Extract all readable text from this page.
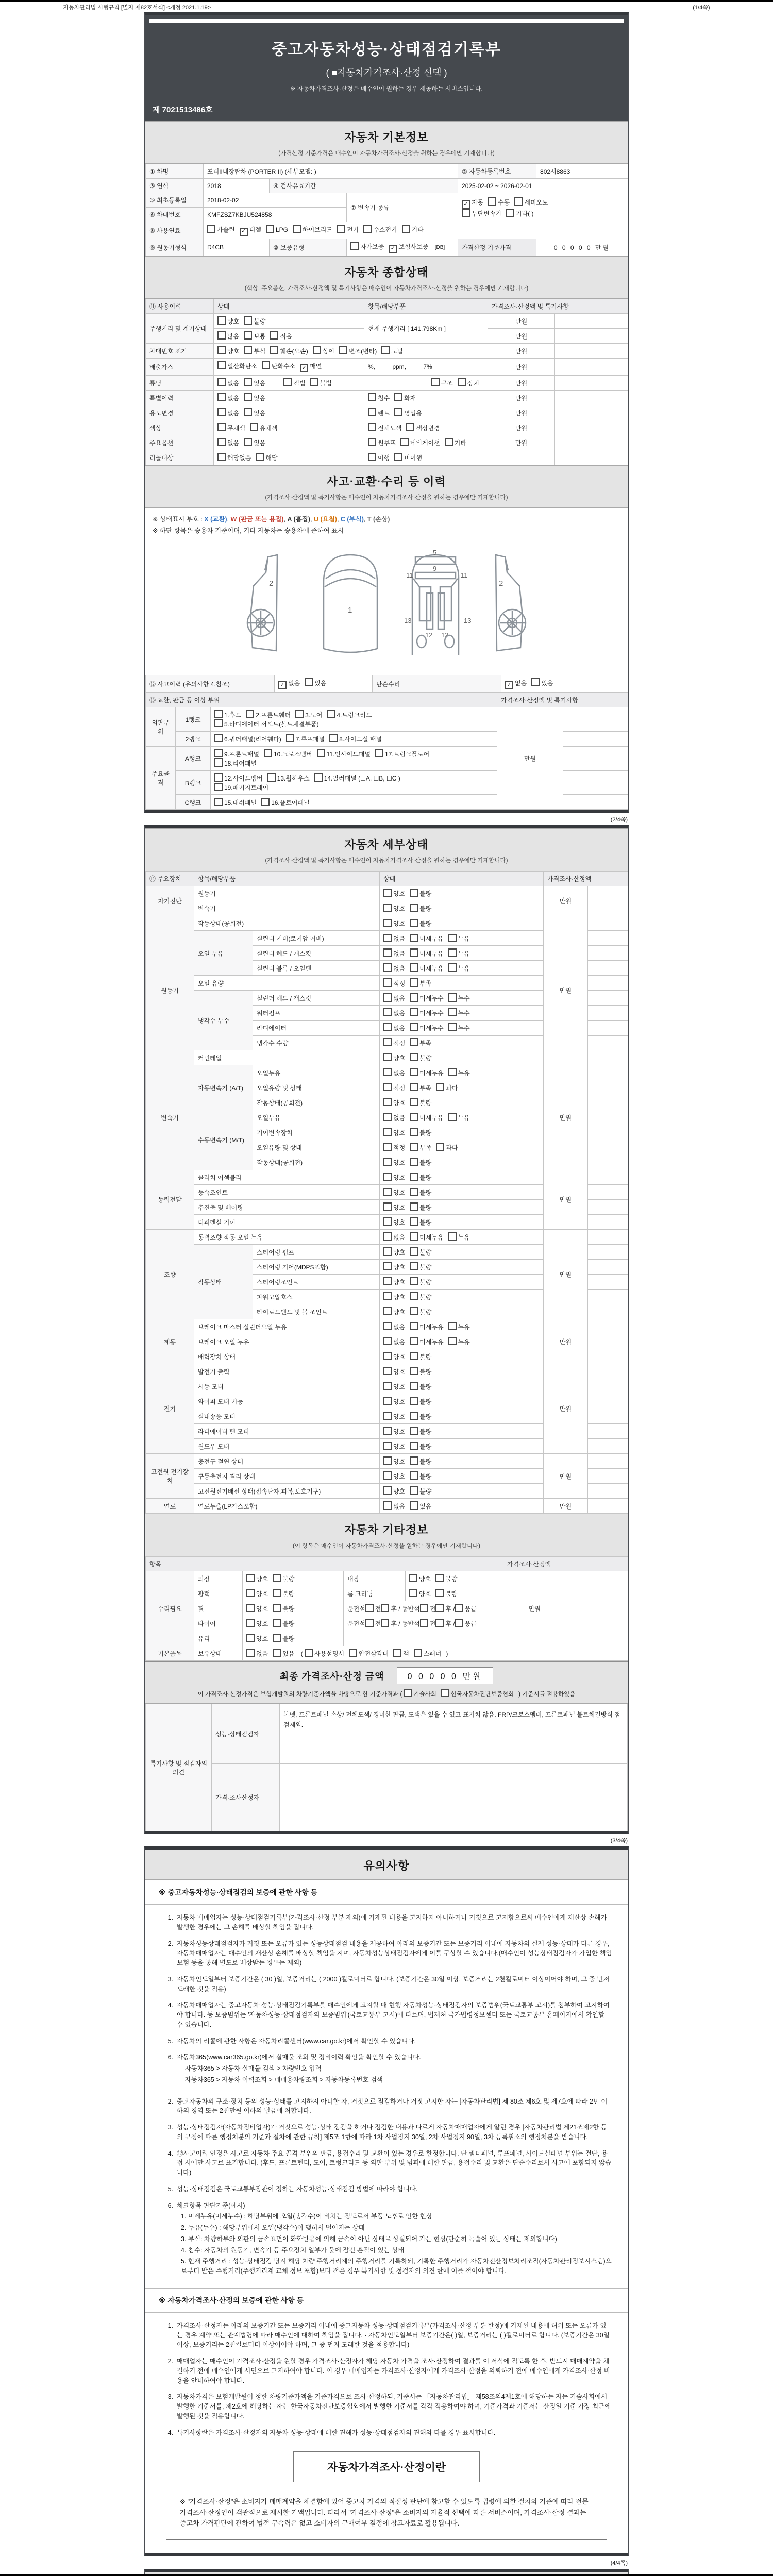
자동차관리법 시행규칙 [별지 제82호서식] <개정 2021.1.19>	(1/4쪽)
중고자동차성능·상태점검기록부
( ■자동차가격조사·산정 선택 )
※ 자동차가격조사·산정은 매수인이 원하는 경우 제공하는 서비스입니다.
제 7021513486호
자동차 기본정보
(가격산정 기준가격은 매수인이 자동차가격조사·산정을 원하는 경우에만 기재합니다)
① 차명	포터II내장탑차 (PORTER II) (세부모델: )			② 자동차등록번호	802서8863
③ 연식	2018	④ 검사유효기간		2025-02-02 ~ 2026-02-01	
⑤ 최초등록일	2018-02-02		⑦ 변속기 종류	✓ 자동 수동 세미오토
무단변속기 기타( )	
⑥ 차대번호	KMFZSZ7KBJU524858				
⑧ 사용연료	가솔린 ✓ 디젤 LPG 하이브리드 전기 수소전기 기타				
⑨ 원동기형식	D4CB	⑩ 보증유형	자가보증 ✓ 보험사보증 [DB]	가격산정 기준가격	0 0 0 0 0 만원
자동차 종합상태
(색상, 주요옵션, 가격조사·산정액 및 특기사항은 매수인이 자동차가격조사·산정을 원하는 경우에만 기재합니다)
⑪ 사용이력	상태	항목/해당부품	가격조사·산정액 및 특기사항	
주행거리 및 계기상태	양호 불량	현재 주행거리 [ 141,798Km ]	만원	
	많음 보통 적음		만원	
차대번호 표기	양호 부식 훼손(오손) 상이 변조(변타) 도말		만원	
배출가스	일산화탄소 탄화수소 ✓ 매연	%,          ppm,          7%	만원	
튜닝	없음 있음 적법 불법	구조 장치	만원	
특별이력	없음 있음	침수 화재	만원	
용도변경	없음 있음	렌트 영업용	만원	
색상	무채색 유채색	전체도색 색상변경	만원	
주요옵션	없음 있음	썬루프 네비게이션 기타	만원	
리콜대상	해당없음 해당	이행 미이행		
사고·교환·수리 등 이력
(가격조사·산정액 및 특기사항은 매수인이 자동차가격조사·산정을 원하는 경우에만 기재합니다)
※ 상태표시 부호 : X (교환), W (판금 또는 용접), A (흠집), U (요철), C (부식), T (손상)
※ 하단 항목은 승용차 기준이며, 기타 자동차는 승용차에 준하여 표시
2
1
5
9
11	11
13	13
12 12
2
⑫ 사고이력 (유의사항 4.참조)	✓ 없음 있음	단순수리	✓ 없음 있음
⑬ 교환, 판금 등 이상 부위			가격조사·산정액 및 특기사항	
외판부위	1랭크	1.후드 2.프론트휀더 3.도어 4.트렁크리드
5.라디에이터 서포트(볼트체결부품)	만원	
	2랭크	6.쿼더패널(리어휀다) 7.루프패널 8.사이드실 패널		
주요골격	A랭크	9.프론트패널 10.크로스멤버 11.인사이드패널 17.트렁크플로어
18.리어패널		
	B랭크	12.사이드멤버 13.휠하우스 14.필러패널 (☐A, ☐B, ☐C )
19.패키지트레이		
	C랭크	15.대쉬패널 16.플로어패널		
(2/4쪽)
자동차 세부상태
(가격조사·산정액 및 특기사항은 매수인이 자동차가격조사·산정을 원하는 경우에만 기재합니다)
⑭ 주요장치	항목/해당부품		상태	가격조사·산정액	
자기진단	원동기		양호 불량	만원	
	변속기		양호 불량		
원동기	작동상태(공회전)		양호 불량	만원	
	오일 누유	실린더 커버(로커암 커버)	없음 미세누유 누유		
		실린더 헤드 / 개스킷	없음 미세누유 누유		
		실린더 블록 / 오일팬	없음 미세누유 누유		
	오일 유량		적정 부족		
	냉각수 누수	실린더 헤드 / 개스킷	없음 미세누수 누수		
		워터펌프	없음 미세누수 누수		
		라디에이터	없음 미세누수 누수		
		냉각수 수량	적정 부족		
	커먼레일		양호 불량		
변속기	자동변속기 (A/T)	오일누유	없음 미세누유 누유	만원	
		오일유량 및 상태	적정 부족 과다		
		작동상태(공회전)	양호 불량		
	수동변속기 (M/T)	오일누유	없음 미세누유 누유		
		기어변속장치	양호 불량		
		오일유량 및 상태	적정 부족 과다		
		작동상태(공회전)	양호 불량		
동력전달	클러치 어셈블리		양호 불량	만원	
	등속조인트		양호 불량		
	추진축 및 베어링		양호 불량		
	디퍼렌셜 기어		양호 불량		
조향	동력조향 작동 오일 누유		없음 미세누유 누유	만원	
	작동상태	스티어링 펌프	양호 불량		
		스티어링 기어(MDPS포함)	양호 불량		
		스티어링조인트	양호 불량		
		파워고압호스	양호 불량		
		타이로드엔드 및 볼 조인트	양호 불량		
제동	브레이크 마스터 실린더오일 누유		없음 미세누유 누유	만원	
	브레이크 오일 누유		없음 미세누유 누유		
	배력장치 상태		양호 불량		
전기	발전기 출력		양호 불량	만원	
	시동 모터		양호 불량		
	와이퍼 모터 기능		양호 불량		
	실내송풍 모터		양호 불량		
	라디에이터 팬 모터		양호 불량		
	윈도우 모터		양호 불량		
고전원 전기장치	충전구 절연 상태		양호 불량	만원	
	구동축전지 격리 상태		양호 불량		
	고전원전기배선 상태(접속단자,피복,보호기구)		양호 불량		
연료	연료누출(LP가스포함)		없음 있음	만원	
자동차 기타정보
(이 항목은 매수인이 자동차가격조사·산정을 원하는 경우에만 기재합니다)
항목					가격조사·산정액	
수리필요	외장	양호 불량	내장	양호 불량	만원	
	광택	양호 불량	룸 크리닝	양호 불량		
	휠	양호 불량	운전석 전 후 / 동반석 전 후 / 응급			
	타이어	양호 불량	운전석 전 후 / 동반석 전 후 / 응급			
	유리	양호 불량				
기본품목	보유상태	없음 있음 ( 사용설명서 안전삼각대 잭 스패너 )				
최종 가격조사·산정 금액	0 0 0 0 0 만원
이 가격조사·산정가격은 보험개발원의 차량기준가액을 바탕으로 한 기준가격과 ( 기술사회 한국자동차진단보증협회 ) 기준서를 적용하였음
특기사항 및 점검자의 의견	성능·상태점검자	본넷, 프론트패널 손상/ 전체도색/ 경미한 판금, 도색은 있을 수 있고 표기치 않음. FRP/크로스멤버, 프론트패널 볼트체결방식 점검제외.
	가격·조사산정자	
(3/4쪽)
유의사항
※ 중고자동차성능·상태점검의 보증에 관한 사항 등
1. 자동차 매매업자는 성능·상태점검기록부(가격조사·산정 부분 제외)에 기재된 내용을 고지하지 아니하거나 거짓으로 고지함으로써 매수인에게 재산상 손해가 발생한 경우에는 그 손해를 배상할 책임을 집니다.
2. 자동차성능상태점검자가 거짓 또는 오류가 있는 성능상태점검 내용을 제공하여 아래의 보증기간 또는 보증거리 이내에 자동차의 실제 성능·상태가 다른 경우, 자동차매매업자는 매수인의 재산상 손해를 배상할 책임을 지며, 자동차성능상태점검자에게 이를 구상할 수 있습니다.(매수인이 성능상태점검자가 가입한 책임보험 등을 통해 별도로 배상받는 경우는 제외)
3. 자동차인도일부터 보증기간은 ( 30 )일, 보증거리는 ( 2000 )킬로미터로 합니다. (보증기간은 30일 이상, 보증거리는 2천킬로미터 이상이어야 하며, 그 중 먼저 도래한 것을 적용)
4. 자동차매매업자는 중고자동차 성능·상태점검기록부를 매수인에게 고지할 때 현행 자동차성능·상태점검자의 보증범위(국토교통부 고시)를 첨부하여 고지하여야 합니다. 동 보증범위는 '자동차성능·상태점검자의 보증범위'(국토교통부 고시)에 따르며, 법제처 국가법령정보센터 또는 국토교통부 홈페이지에서 확인할 수 있습니다.
5. 자동차의 리콜에 관한 사항은 자동차리콜센터(www.car.go.kr)에서 확인할 수 있습니다.
6. 자동차365(www.car365.go.kr)에서 실매물 조회 및 정비이력 확인을 확인할 수 있습니다.
- 자동차365 > 자동차 실매물 검색 > 차량번호 입력
- 자동차365 > 자동차 이력조회 > 매매용차량조회 > 자동차등록번호 검색
2. 중고자동차의 구조·장치 등의 성능·상태를 고지하지 아니한 자, 거짓으로 점검하거나 거짓 고지한 자는 [자동차관리법] 제 80조 제6호 및 제7호에 따라 2년 이하의 징역 또는 2천만원 이하의 벌금에 처합니다.
3. 성능·상태점검자(자동차정비업자)가 거짓으로 성능·상태 점검을 하거나 점검한 내용과 다르게 자동차매매업자에게 알린 경우 [자동차관리법 제21조제2항 등의 규정에 따른 행정처분의 기준과 절차에 관한 규칙] 제5조 1항에 따라 1차 사업정지 30일, 2차 사업정지 90일, 3차 등록취소의 행정처분을 받습니다.
4. ⑫사고이력 인정은 사고로 자동차 주요 골격 부위의 판금, 용접수리 및 교환이 있는 경우로 한정합니다. 단 쿼터패널, 루프패널, 사이드실패널 부위는 절단, 용접 시에만 사고로 표기합니다. (후드, 프론트펜더, 도어, 트렁크리드 등 외판 부위 및 범퍼에 대한 판금, 용접수리 및 교환은 단순수리로서 사고에 포함되지 않습니다)
5. 성능·상태점검은 국토교통부장관이 정하는 자동차성능·상태점검 방법에 따라야 합니다.
6. 체크항목 판단기준(예시)
1. 미세누유(미세누수) : 해당부위에 오일(냉각수)이 비치는 정도로서 부품 노후로 인한 현상
2. 누유(누수) : 해당부위에서 오일(냉각수)이 맺혀서 떨어지는 상태
3. 부식: 차량하부와 외판의 금속표면이 화학반응에 의해 금속이 아닌 상태로 상실되어 가는 현상(단순히 녹슬어 있는 상태는 제외합니다)
4. 침수: 자동차의 원동기, 변속기 등 주요장치 일부가 물에 잠긴 흔적이 있는 상태
5. 현재 주행거리 : 성능·상태점검 당시 해당 차량 주행거리계의 주행거리를 기록하되, 기록한 주행거리가 자동차전산정보처리조직(자동차관리정보시스템)으로부터 받은 주행거리(주행거리계 교체 정보 포함)보다 적은 경우 특기사항 및 점검자의 의견 란에 이를 적어야 합니다.
※ 자동차가격조사·산정의 보증에 관한 사항 등
1. 가격조사·산정자는 아래의 보증기간 또는 보증거리 이내에 중고자동차 성능·상태점검기록부(가격조사·산정 부분 한정)에 기재된 내용에 허위 또는 오류가 있는 경우 계약 또는 관계법령에 따라 매수인에 대하여 책임을 집니다. · 자동차인도일부터 보증기간은( )일, 보증거리는 ( )킬로미터로 합니다. (보증기간은 30일 이상, 보증거리는 2천킬로미터 이상이어야 하며, 그 중 먼저 도래한 것을 적용합니다)
2. 매매업자는 매수인이 가격조사·산정을 원할 경우 가격조사·산정자가 해당 자동차 가격을 조사·산정하여 결과를 이 서식에 적도록 한 후, 반드시 매매계약을 체결하기 전에 매수인에게 서면으로 고지하여야 합니다. 이 경우 매매업자는 가격조사·산정자에게 가격조사·산정을 의뢰하기 전에 매수인에게 가격조사·산정 비용을 안내하여야 합니다.
3. 자동차가격은 보험개발원이 정한 차량기준가액을 기준가격으로 조사·산정하되, 기준서는 「자동차관리법」 제58조의4제1호에 해당하는 자는 기술사회에서 발행한 기준서를, 제2호에 해당하는 자는 한국자동차진단보증협회에서 발행한 기준서를 각각 적용하여야 하며, 기준가격과 기준서는 산정일 기준 가장 최근에 발행된 것을 적용합니다.
4. 특기사항란은 가격조사·산정자의 자동차 성능·상태에 대한 견해가 성능·상태점검자의 견해와 다를 경우 표시합니다.
자동차가격조사·산정이란
※ "가격조사·산정"은 소비자가 매매계약을 체결함에 있어 중고차 가격의 적절성 판단에 참고할 수 있도록 법령에 의한 절차와 기준에 따라 전문 가격조사·산정인이 객관적으로 제시한 가액입니다. 따라서 "가격조사·산정"은 소비자의 자율적 선택에 따른 서비스이며, 가격조사·산정 결과는 중고차 가격판단에 관하여 법적 구속력은 없고 소비자의 구매여부 결정에 참고자료로 활용됩니다.
(4/4쪽)
